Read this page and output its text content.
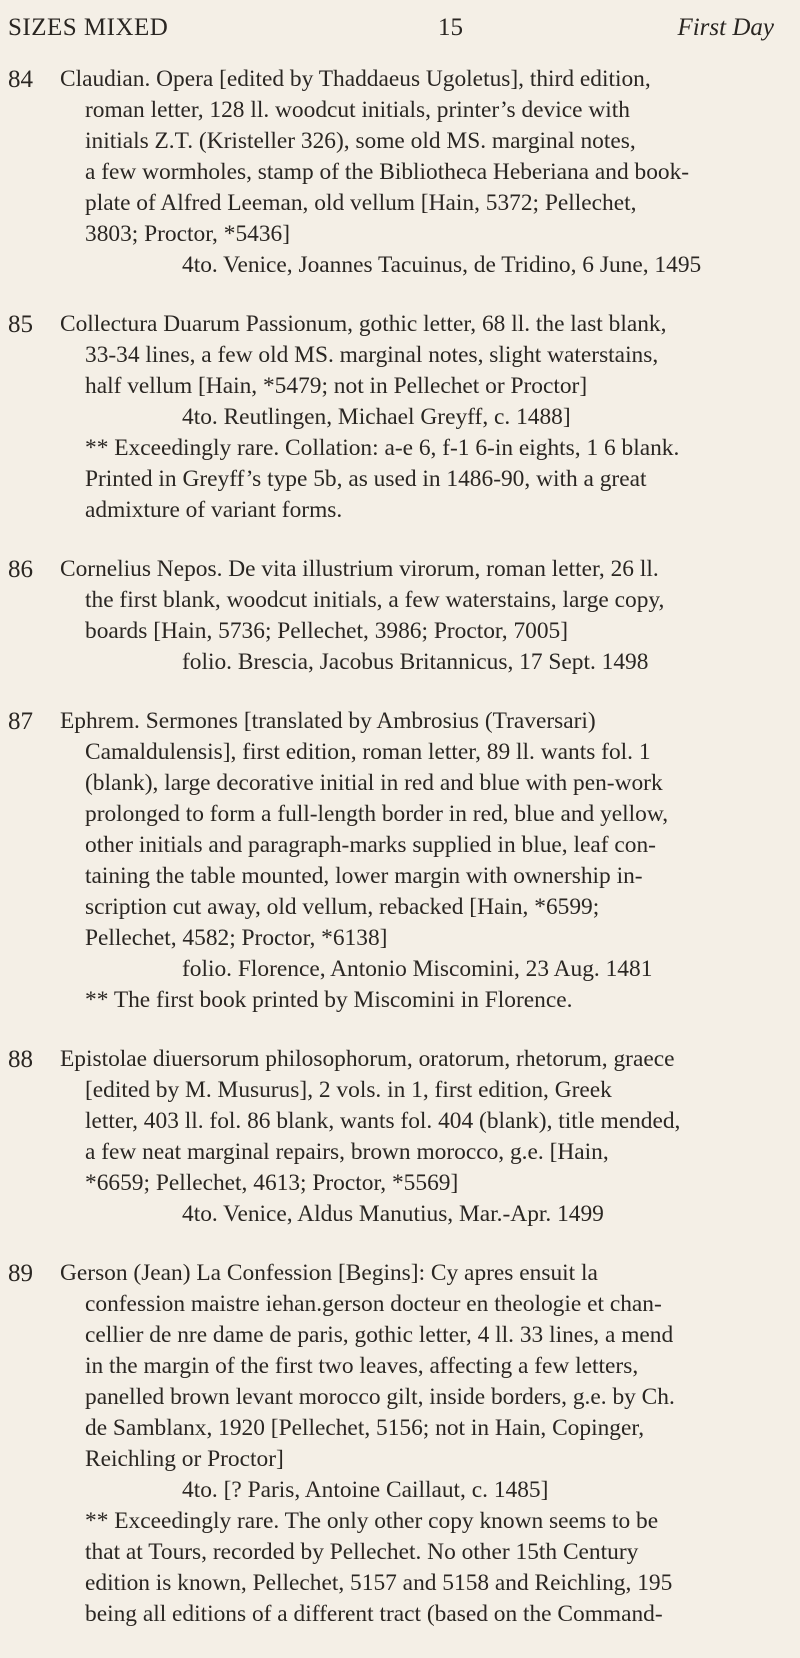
SIZES MIXED	15	First Day
84 Claudian. Opera [edited by Thaddaeus Ugoletus], third edition,
roman letter, 128 ll. woodcut initials, printer’s device with
initials Z.T. (Kristeller 326), some old MS. marginal notes,
a few wormholes, stamp of the Bibliotheca Heberiana and book-
plate of Alfred Leeman, old vellum [Hain, 5372; Pellechet,
3803; Proctor, *5436]
4to. Venice, Joannes Tacuinus, de Tridino, 6 June, 1495
85 Collectura Duarum Passionum, gothic letter, 68 ll. the last blank,
33-34 lines, a few old MS. marginal notes, slight waterstains,
half vellum [Hain, *5479; not in Pellechet or Proctor]
4to. Reutlingen, Michael Greyff, c. 1488]
** Exceedingly rare. Collation: a-e 6, f-1 6-in eights, 1 6 blank.
Printed in Greyff’s type 5b, as used in 1486-90, with a great
admixture of variant forms.
86 Cornelius Nepos. De vita illustrium virorum, roman letter, 26 ll.
the first blank, woodcut initials, a few waterstains, large copy,
boards [Hain, 5736; Pellechet, 3986; Proctor, 7005]
folio. Brescia, Jacobus Britannicus, 17 Sept. 1498
87 Ephrem. Sermones [translated by Ambrosius (Traversari)
Camaldulensis], first edition, roman letter, 89 ll. wants fol. 1
(blank), large decorative initial in red and blue with pen-work
prolonged to form a full-length border in red, blue and yellow,
other initials and paragraph-marks supplied in blue, leaf con-
taining the table mounted, lower margin with ownership in-
scription cut away, old vellum, rebacked [Hain, *6599;
Pellechet, 4582; Proctor, *6138]
folio. Florence, Antonio Miscomini, 23 Aug. 1481
** The first book printed by Miscomini in Florence.
88 Epistolae diuersorum philosophorum, oratorum, rhetorum, graece
[edited by M. Musurus], 2 vols. in 1, first edition, Greek
letter, 403 ll. fol. 86 blank, wants fol. 404 (blank), title mended,
a few neat marginal repairs, brown morocco, g.e. [Hain,
*6659; Pellechet, 4613; Proctor, *5569]
4to. Venice, Aldus Manutius, Mar.-Apr. 1499
89 Gerson (Jean) La Confession [Begins]: Cy apres ensuit la
confession maistre iehan.gerson docteur en theologie et chan-
cellier de nre dame de paris, gothic letter, 4 ll. 33 lines, a mend
in the margin of the first two leaves, affecting a few letters,
panelled brown levant morocco gilt, inside borders, g.e. by Ch.
de Samblanx, 1920 [Pellechet, 5156; not in Hain, Copinger,
Reichling or Proctor]
4to. [? Paris, Antoine Caillaut, c. 1485]
** Exceedingly rare. The only other copy known seems to be
that at Tours, recorded by Pellechet. No other 15th Century
edition is known, Pellechet, 5157 and 5158 and Reichling, 195
being all editions of a different tract (based on the Command-
